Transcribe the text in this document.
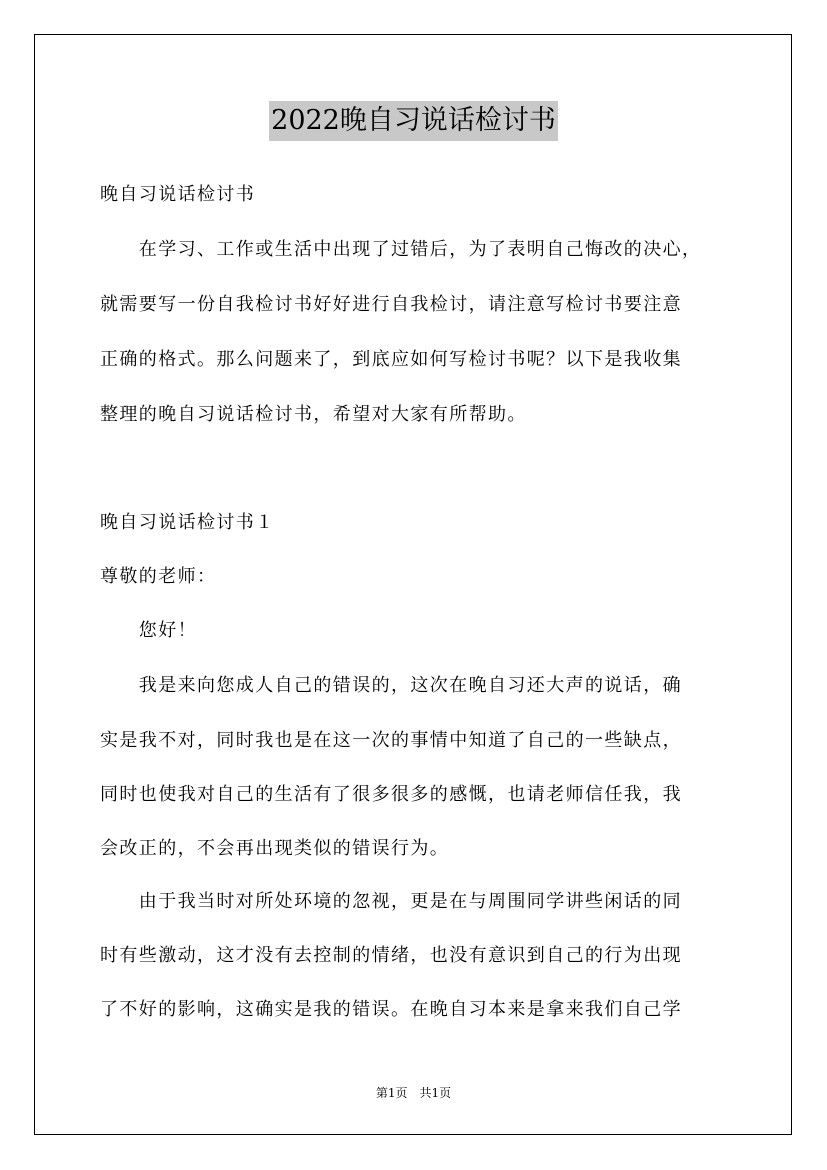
2022晚自习说话检讨书
晚自习说话检讨书
　　在学习、工作或生活中出现了过错后，为了表明自己悔改的决心，
就需要写一份自我检讨书好好进行自我检讨，请注意写检讨书要注意
正确的格式。那么问题来了，到底应如何写检讨书呢？以下是我收集
整理的晚自习说话检讨书，希望对大家有所帮助。
晚自习说话检讨书１
尊敬的老师：
　　您好！
　　我是来向您成人自己的错误的，这次在晚自习还大声的说话，确
实是我不对，同时我也是在这一次的事情中知道了自己的一些缺点，
同时也使我对自己的生活有了很多很多的感慨，也请老师信任我，我
会改正的，不会再出现类似的错误行为。
　　由于我当时对所处环境的忽视，更是在与周围同学讲些闲话的同
时有些激动，这才没有去控制的情绪，也没有意识到自己的行为出现
了不好的影响，这确实是我的错误。在晚自习本来是拿来我们自己学
第1页　共1页
